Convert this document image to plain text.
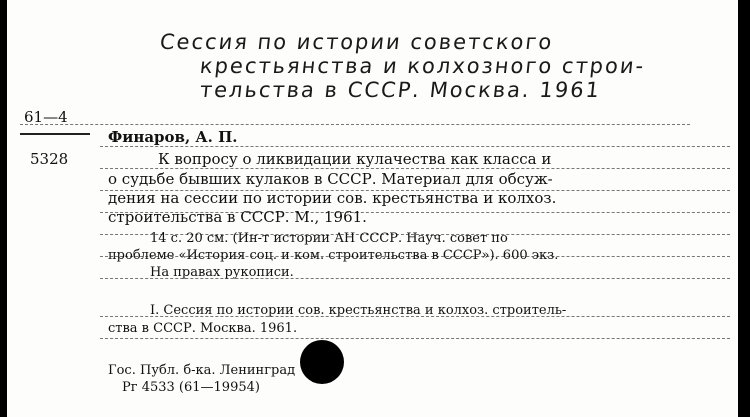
Сессия по истории советского
крестьянства и колхозного строи-
тельства в СССР. Москва. 1961
61—4
5328
Финаров, А. П.
К вопросу о ликвидации кулачества как класса и
о судьбе бывших кулаков в СССР. Материал для обсуж-
дения на сессии по истории сов. крестьянства и колхоз.
строительства в СССР. М., 1961.
14 с. 20 см. (Ин-т истории АН СССР. Науч. совет по
проблеме «История соц. и ком. строительства в СССР»). 600 экз.
На правах рукописи.
I. Сессия по истории сов. крестьянства и колхоз. строитель-
ства в СССР. Москва. 1961.
Гос. Публ. б-ка. Ленинград
Рг 4533 (61—19954)
